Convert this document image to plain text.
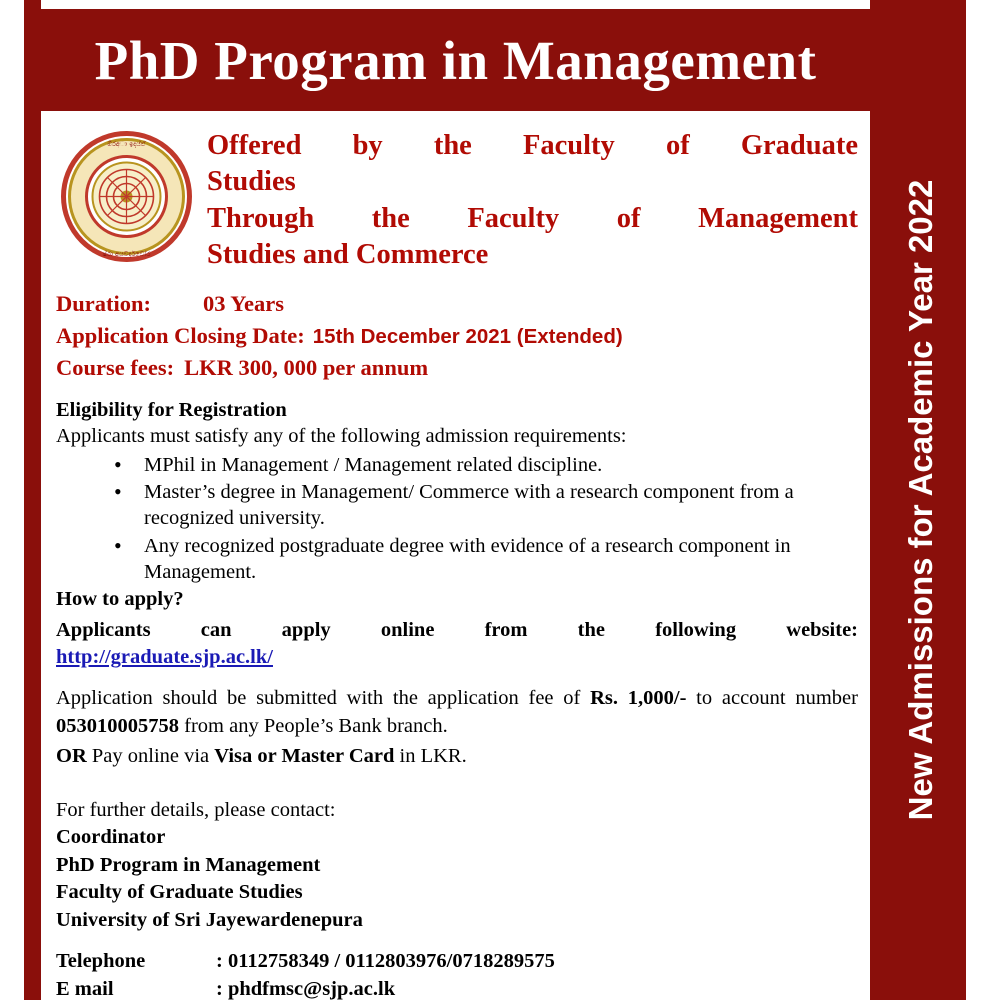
PhD Program in Management
New Admissions for Academic Year 2022
ම්රඅා ඉදය්ඒ
ෂ්රා අයවර්දවෝර
Offered by the Faculty of Graduate
Studies
Through the Faculty of Management
Studies and Commerce
Duration: 03 Years
Application Closing Date: 15th December 2021 (Extended)
Course fees: LKR 300, 000 per annum
Eligibility for Registration
Applicants must satisfy any of the following admission requirements:
• MPhil in Management / Management related discipline.
• Master’s degree in Management/ Commerce with a research component from a recognized university.
• Any recognized postgraduate degree with evidence of a research component in Management.
How to apply?
Applicants can apply online from the following website:
http://graduate.sjp.ac.lk/
Application should be submitted with the application fee of Rs. 1,000/- to account number 053010005758 from any People’s Bank branch.
OR Pay online via Visa or Master Card in LKR.
For further details, please contact:
Coordinator
PhD Program in Management
Faculty of Graduate Studies
University of Sri Jayewardenepura
Telephone	: 0112758349 / 0112803976/0718289575
E mail	: phdfmsc@sjp.ac.lk
